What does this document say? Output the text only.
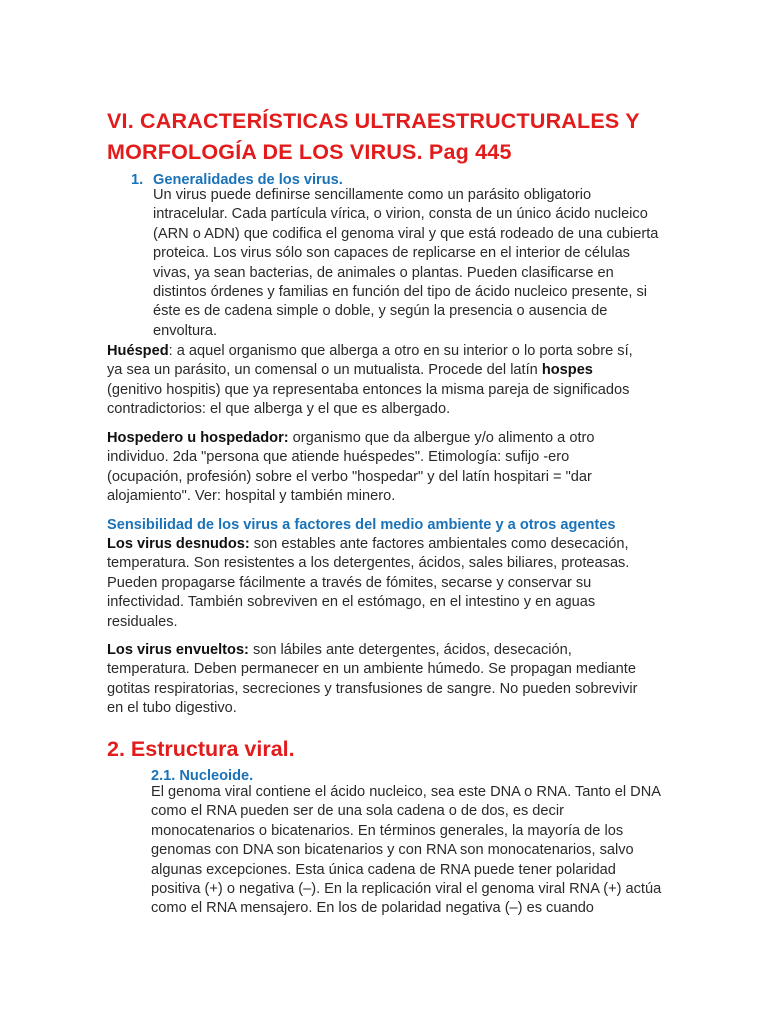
VI. CARACTERÍSTICAS ULTRAESTRUCTURALES Y
MORFOLOGÍA DE LOS VIRUS. Pag 445
1. Generalidades de los virus.

Un virus puede definirse sencillamente como un parásito obligatorio intracelular. Cada partícula vírica, o virion, consta de un único ácido nucleico (ARN o ADN) que codifica el genoma viral y que está rodeado de una cubierta proteica. Los virus sólo son capaces de replicarse en el interior de células vivas, ya sean bacterias, de animales o plantas. Pueden clasificarse en distintos órdenes y familias en función del tipo de ácido nucleico presente, si éste es de cadena simple o doble, y según la presencia o ausencia de envoltura.

Huésped: a aquel organismo que alberga a otro en su interior o lo porta sobre sí, ya sea un parásito, un comensal o un mutualista. Procede del latín hospes (genitivo hospitis) que ya representaba entonces la misma pareja de significados contradictorios: el que alberga y el que es albergado.

Hospedero u hospedador: organismo que da albergue y/o alimento a otro individuo. 2da "persona que atiende huéspedes". Etimología: sufijo -ero (ocupación, profesión) sobre el verbo "hospedar" y del latín hospitari = "dar alojamiento". Ver: hospital y también minero.

Sensibilidad de los virus a factores del medio ambiente y a otros agentes

Los virus desnudos: son estables ante factores ambientales como desecación, temperatura. Son resistentes a los detergentes, ácidos, sales biliares, proteasas. Pueden propagarse fácilmente a través de fómites, secarse y conservar su infectividad. También sobreviven en el estómago, en el intestino y en aguas residuales.

Los virus envueltos: son lábiles ante detergentes, ácidos, desecación, temperatura. Deben permanecer en un ambiente húmedo. Se propagan mediante gotitas respiratorias, secreciones y transfusiones de sangre. No pueden sobrevivir en el tubo digestivo.

2. Estructura viral.

2.1. Nucleoide.

El genoma viral contiene el ácido nucleico, sea este DNA o RNA. Tanto el DNA como el RNA pueden ser de una sola cadena o de dos, es decir monocatenarios o bicatenarios. En términos generales, la mayoría de los genomas con DNA son bicatenarios y con RNA son monocatenarios, salvo algunas excepciones. Esta única cadena de RNA puede tener polaridad positiva (+) o negativa (–). En la replicación viral el genoma viral RNA (+) actúa como el RNA mensajero. En los de polaridad negativa (–) es cuando
